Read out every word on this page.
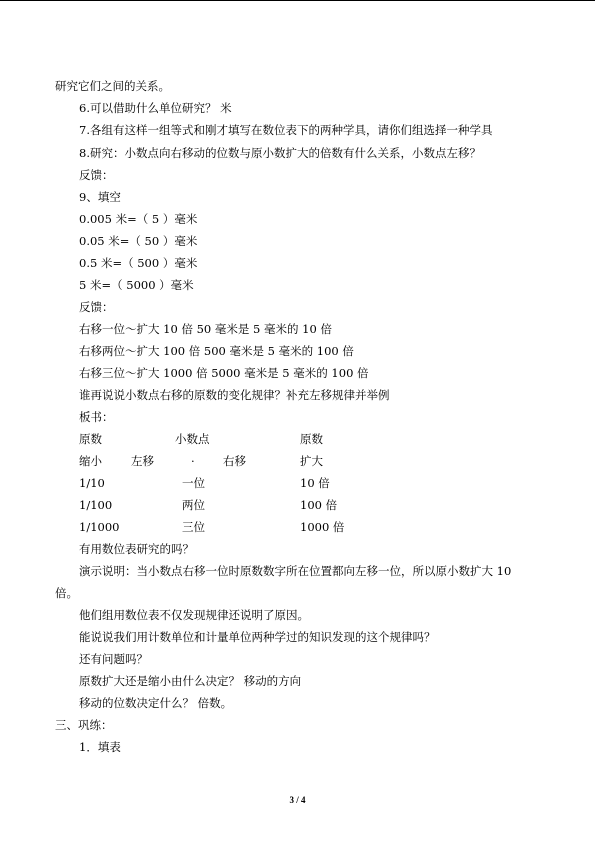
研究它们之间的关系。
6.可以借助什么单位研究？ 米
7.各组有这样一组等式和刚才填写在数位表下的两种学具，请你们组选择一种学具
8.研究：小数点向右移动的位数与原小数扩大的倍数有什么关系，小数点左移？
反馈：
9、填空
0.005 米=（ 5 ）毫米
0.05 米=（ 50 ）毫米
0.5 米=（ 500 ）毫米
5 米=（ 5000 ）毫米
反馈：
右移一位～扩大 10 倍 50 毫米是 5 毫米的 10 倍
右移两位～扩大 100 倍 500 毫米是 5 毫米的 100 倍
右移三位～扩大 1000 倍 5000 毫米是 5 毫米的 100 倍
谁再说说小数点右移的原数的变化规律？补充左移规律并举例
板书：
原数	小数点	原数
缩小	左移	· 右移	扩大
1/10	一位	10 倍
1/100	两位	100 倍
1/1000	三位	1000 倍
有用数位表研究的吗？
演示说明：当小数点右移一位时原数数字所在位置都向左移一位，所以原小数扩大 10
倍。
他们组用数位表不仅发现规律还说明了原因。
能说说我们用计数单位和计量单位两种学过的知识发现的这个规律吗？
还有问题吗？
原数扩大还是缩小由什么决定？ 移动的方向
移动的位数决定什么？ 倍数。
三、巩练：
1．填表
3 / 4
